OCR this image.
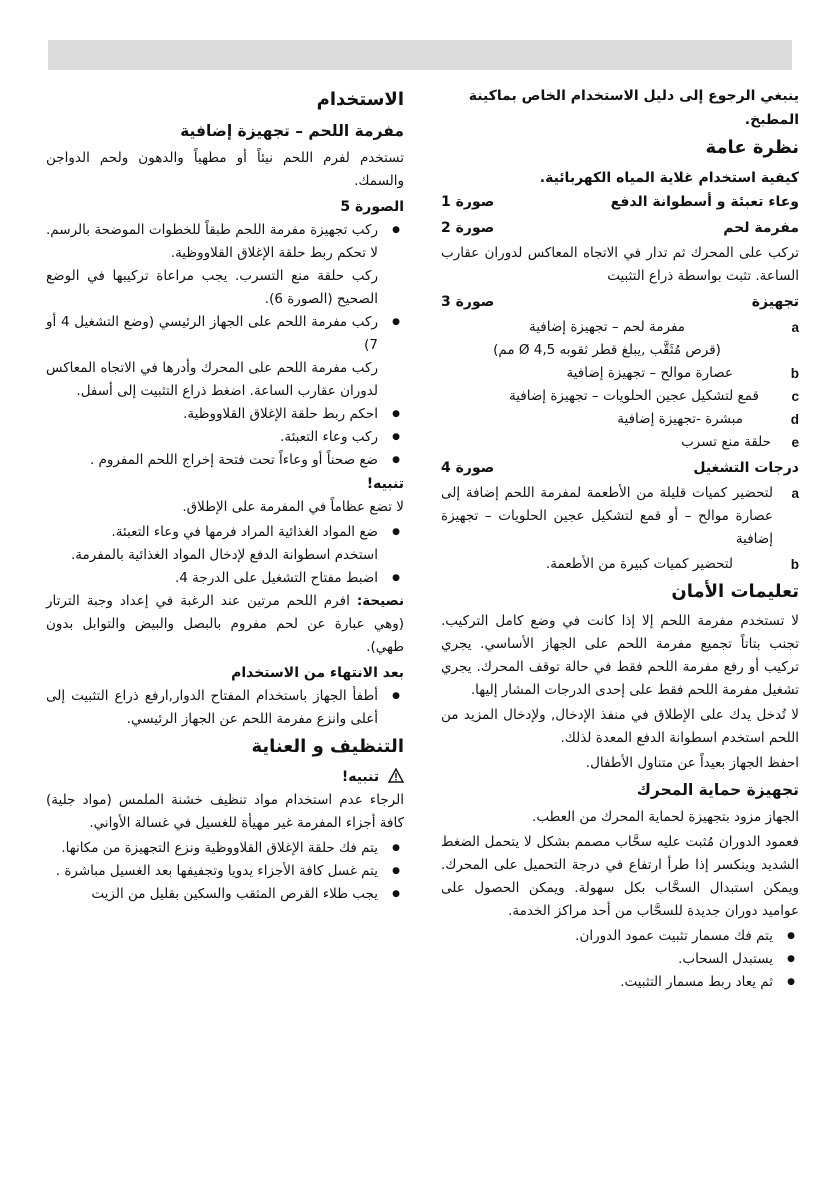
ينبغي الرجوع إلى دليل الاستخدام الخاص بماكينة المطبخ.
نظرة عامة
كيفية استخدام غلاية المياه الكهربائية.
وعاء تعبئة و أسطوانة الدفع
صورة 1
مفرمة لحم
صورة 2

تركب على المحرك ثم تدار في الاتجاه المعاكس لدوران عقارب الساعة. تثبت بواسطة ذراع التثبيت

تجهيزة
صورة 3
a
مفرمة لحم – تجهيزة إضافية
(قرص مُثَقَّب ,يبلغ قطر ثقوبه 4,5 Ø مم)
b
عصارة موالح – تجهيزة إضافية
c
قمع لتشكيل عجين الحلويات – تجهيزة إضافية
d
مبشرة -تجهيزة إضافية
e
حلقة منع تسرب
درجات التشغيل
صورة 4
a

لتحضير كميات قليلة من الأطعمة لمفرمة اللحم إضافة إلى عصارة موالح – أو قمع لتشكيل عجين الحلويات – تجهيزة إضافية

b
لتحضير كميات كبيرة من الأطعمة.
تعليمات الأمان

لا تستخدم مفرمة اللحم إلا إذا كانت في وضع كامل التركيب. تجنب بتاتاً تجميع مفرمة اللحم على الجهاز الأساسي. يجري تركيب أو رفع مفرمة اللحم فقط في حالة توقف المحرك. يجري تشغيل مفرمة اللحم فقط على إحدى الدرجات المشار إليها.

لا تُدخل يدك على الإطلاق في منفذ الإدخال, ولإدخال المزيد من اللحم استخدم اسطوانة الدفع المعدة لذلك.

احفظ الجهاز بعيداً عن متناول الأطفال.

تجهيزة حماية المحرك

الجهاز مزود بتجهيزة لحماية المحرك من العطب.

فعمود الدوران مُثبت عليه سحَّاب مصمم بشكل لا يتحمل الضغط الشديد وينكسر إذا طرأ ارتفاع في درجة التحميل على المحرك. ويمكن استبدال السحَّاب بكل سهولة. ويمكن الحصول على عواميد دوران جديدة للسحَّاب من أحد مراكز الخدمة.

● يتم فك مسمار تثبيت عمود الدوران.
● يستبدل السحاب.
● ثم يعاد ربط مسمار التثبيت.
الاستخدام
مفرمة اللحم – تجهيزة إضافية

تستخدم لفرم اللحم نيئاً أو مطهياً والدهون ولحم الدواجن والسمك.

الصورة 5
● ركب تجهيزة مفرمة اللحم طبقاً للخطوات الموضحة بالرسم. لا تحكم ربط حلقة الإغلاق القلاووظية.
ركب حلقة منع التسرب. يجب مراعاة تركيبها في الوضع الصحيح (الصورة 6).
● ركب مفرمة اللحم على الجهاز الرئيسي (وضع التشغيل 4 أو 7)
ركب مفرمة اللحم على المحرك وأدرها في الاتجاه المعاكس لدوران عقارب الساعة. اضغط ذراع التثبيت إلى أسفل.
● احكم ربط حلقة الإغلاق القلاووظية.
● ركب وعاء التعبئة.
● ضع صحناً أو وعاءاً تحت فتحة إخراج اللحم المفروم .
تنبيه!

لا تضع عظاماً في المفرمة على الإطلاق.

● ضع المواد الغذائية المراد فرمها في وعاء التعبئة.
استخدم اسطوانة الدفع لإدخال المواد الغذائية بالمفرمة.
● اضبط مفتاح التشغيل على الدرجة 4.

نصيحة: افرم اللحم مرتين عند الرغبة في إعداد وجبة الترتار (وهي عبارة عن لحم مفروم بالبصل والبيض والتوابل بدون طهي).

بعد الانتهاء من الاستخدام
● أطفأ الجهاز باستخدام المفتاح الدوار,ارفع ذراع التثبيت إلى أعلى وانزع مفرمة اللحم عن الجهاز الرئيسي.
التنظيف و العناية
تنبيه!

الرجاء عدم استخدام مواد تنظيف خشنة الملمس (مواد جلية) كافة أجزاء المفرمة غير مهيأة للغسيل في غسالة الأواني.

● يتم فك حلقة الإغلاق القلاووظية ونزع التجهيزة من مكانها.
● يتم غسل كافة الأجزاء يدويا وتجفيفها بعد الغسيل مباشرة .
● يجب طلاء القرص المثقب والسكين بقليل من الزيت
